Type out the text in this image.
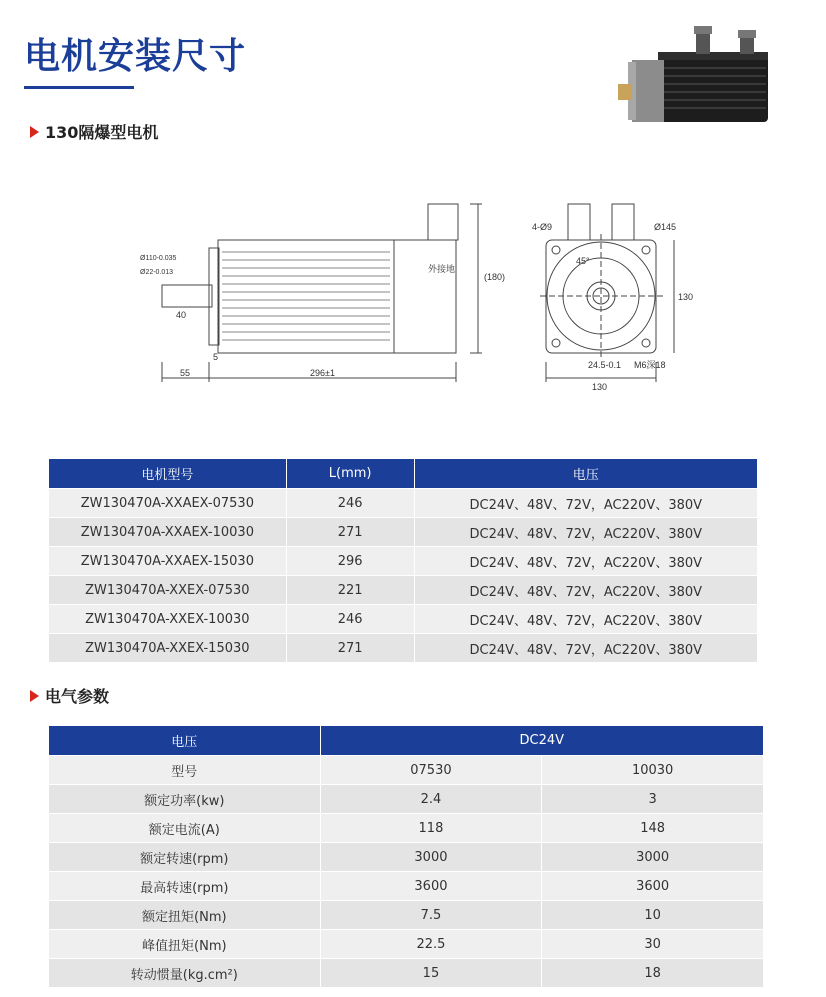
电机安装尺寸
130隔爆型电机
296±1
55
5
40
(180)
Ø110-0.035
Ø22-0.013	外接地
4-Ø9	Ø145
45°
130
130
24.5-0.1 M6深18
电机型号	L(mm)	电压
ZW130470A-XXAEX-07530	246	DC24V、48V、72V，AC220V、380V
ZW130470A-XXAEX-10030	271	DC24V、48V、72V，AC220V、380V
ZW130470A-XXAEX-15030	296	DC24V、48V、72V，AC220V、380V
ZW130470A-XXEX-07530	221	DC24V、48V、72V，AC220V、380V
ZW130470A-XXEX-10030	246	DC24V、48V、72V，AC220V、380V
ZW130470A-XXEX-15030	271	DC24V、48V、72V，AC220V、380V
电气参数
电压	DC24V	
型号	07530	10030
额定功率(kw)	2.4	3
额定电流(A)	118	148
额定转速(rpm)	3000	3000
最高转速(rpm)	3600	3600
额定扭矩(Nm)	7.5	10
峰值扭矩(Nm)	22.5	30
转动惯量(kg.cm²)	15	18
